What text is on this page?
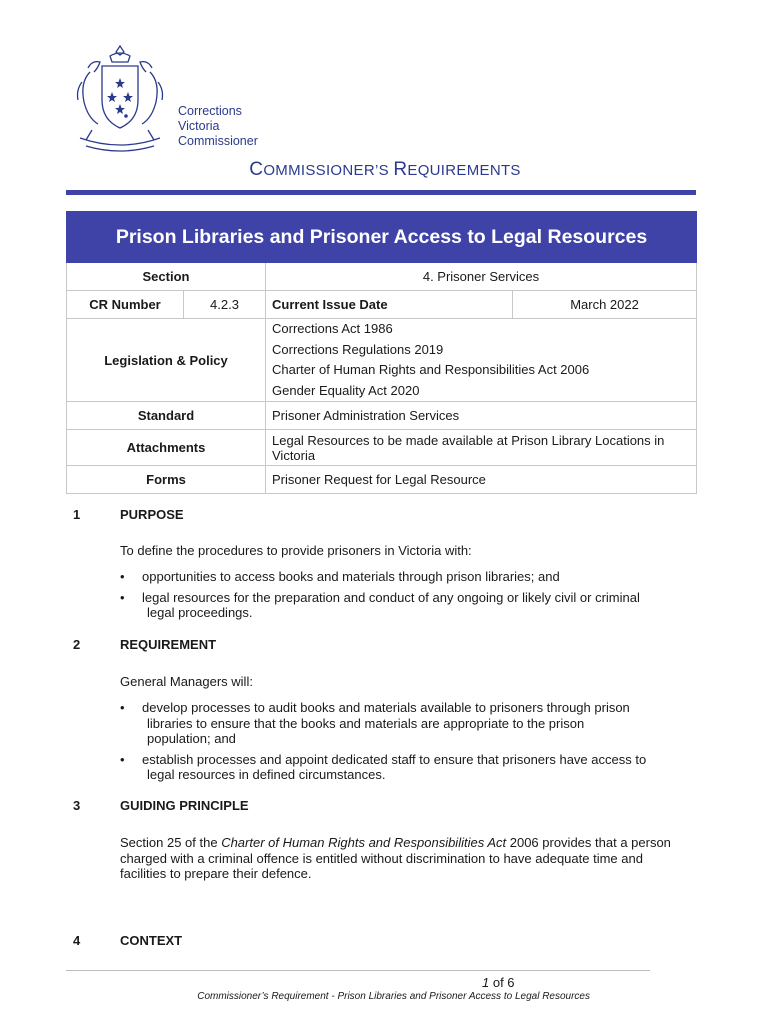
Corrections
Victoria
Commissioner
COMMISSIONER’S REQUIREMENTS
Prison Libraries and Prisoner Access to Legal Resources			
Section		4. Prisoner Services	
CR Number	4.2.3	Current Issue Date	March 2022
Legislation & Policy		Corrections Act 1986
Corrections Regulations 2019
Charter of Human Rights and Responsibilities Act 2006
Gender Equality Act 2020	

Standard		Prisoner Administration Services	
Attachments		Legal Resources to be made available at Prison Library Locations in Victoria	
Forms		Prisoner Request for Legal Resource	
1	PURPOSE
To define the procedures to provide prisoners in Victoria with:
• opportunities to access books and materials through prison libraries; and
• legal resources for the preparation and conduct of any ongoing or likely civil or criminal
legal proceedings.
2	REQUIREMENT
General Managers will:
• develop processes to audit books and materials available to prisoners through prison
libraries to ensure that the books and materials are appropriate to the prison population; and
• establish processes and appoint dedicated staff to ensure that prisoners have access to
legal resources in defined circumstances.
3	GUIDING PRINCIPLE
Section 25 of the Charter of Human Rights and Responsibilities Act 2006 provides that a person charged with a criminal offence is entitled without discrimination to have adequate time and facilities to prepare their defence.
4	CONTEXT
1 of 6
Commissioner’s Requirement - Prison Libraries and Prisoner Access to Legal Resources
